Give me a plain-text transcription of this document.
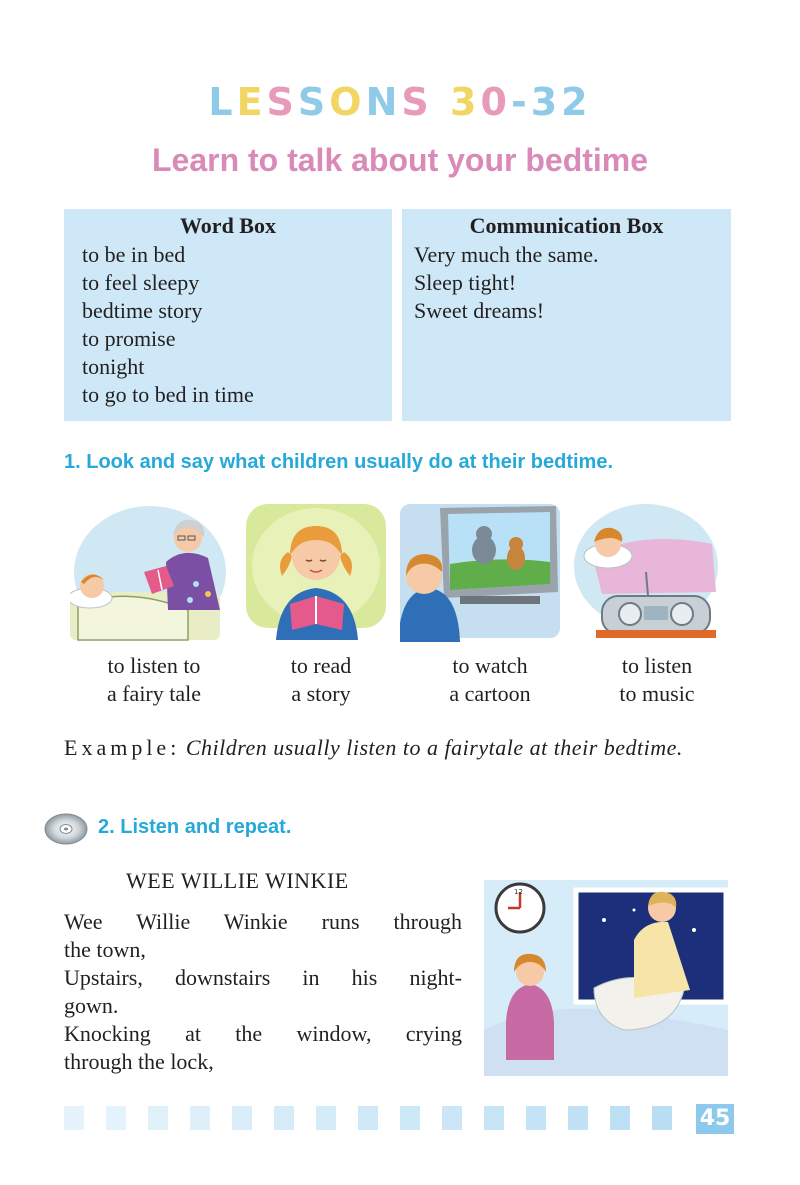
LESSONS 30-32
Learn to talk about your bedtime
Word Box
to be in bed
to feel sleepy
bedtime story
to promise
tonight
to go to bed in time
Communication Box
Very much the same.
Sleep tight!
Sweet dreams!
1. Look and say what children usually do at their bedtime.
to listen to
a fairy tale
to read
a story
to watch
a cartoon
to listen
to music
Example: Children usually listen to a fairytale at their bedtime.
2. Listen and repeat.
WEE WILLIE WINKIE
Wee Willie Winkie runs through
the town,
Upstairs, downstairs in his night-
gown.
Knocking at the window, crying
through the lock,
12
45
